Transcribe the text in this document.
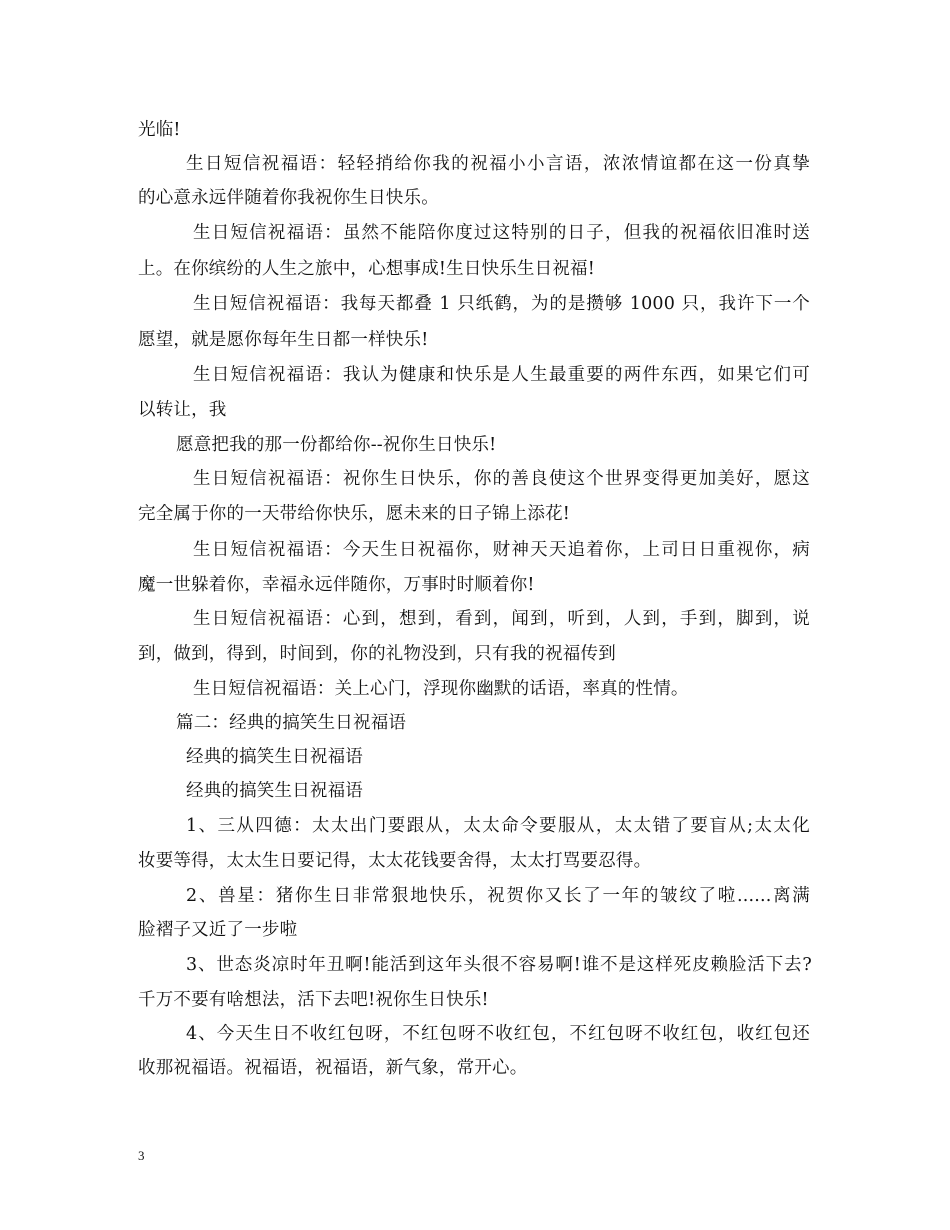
光临!
生日短信祝福语：轻轻捎给你我的祝福小小言语，浓浓情谊都在这一份真挚
的心意永远伴随着你我祝你生日快乐。
生日短信祝福语：虽然不能陪你度过这特别的日子，但我的祝福依旧准时送
上。在你缤纷的人生之旅中，心想事成!生日快乐生日祝福!
生日短信祝福语：我每天都叠 1 只纸鹤，为的是攒够 1000 只，我许下一个
愿望，就是愿你每年生日都一样快乐!
生日短信祝福语：我认为健康和快乐是人生最重要的两件东西，如果它们可
以转让，我
愿意把我的那一份都给你--祝你生日快乐!
生日短信祝福语：祝你生日快乐，你的善良使这个世界变得更加美好，愿这
完全属于你的一天带给你快乐，愿未来的日子锦上添花!
生日短信祝福语：今天生日祝福你，财神天天追着你，上司日日重视你，病
魔一世躲着你，幸福永远伴随你，万事时时顺着你!
生日短信祝福语：心到，想到，看到，闻到，听到，人到，手到，脚到，说
到，做到，得到，时间到，你的礼物没到，只有我的祝福传到
生日短信祝福语：关上心门，浮现你幽默的话语，率真的性情。
篇二：经典的搞笑生日祝福语
经典的搞笑生日祝福语
经典的搞笑生日祝福语
1、三从四德：太太出门要跟从，太太命令要服从，太太错了要盲从;太太化
妆要等得，太太生日要记得，太太花钱要舍得，太太打骂要忍得。
2、兽星：猪你生日非常狠地快乐，祝贺你又长了一年的皱纹了啦......离满
脸褶子又近了一步啦
3、世态炎凉时年丑啊!能活到这年头很不容易啊!谁不是这样死皮赖脸活下去?
千万不要有啥想法，活下去吧!祝你生日快乐!
4、今天生日不收红包呀，不红包呀不收红包，不红包呀不收红包，收红包还
收那祝福语。祝福语，祝福语，新气象，常开心。
3
